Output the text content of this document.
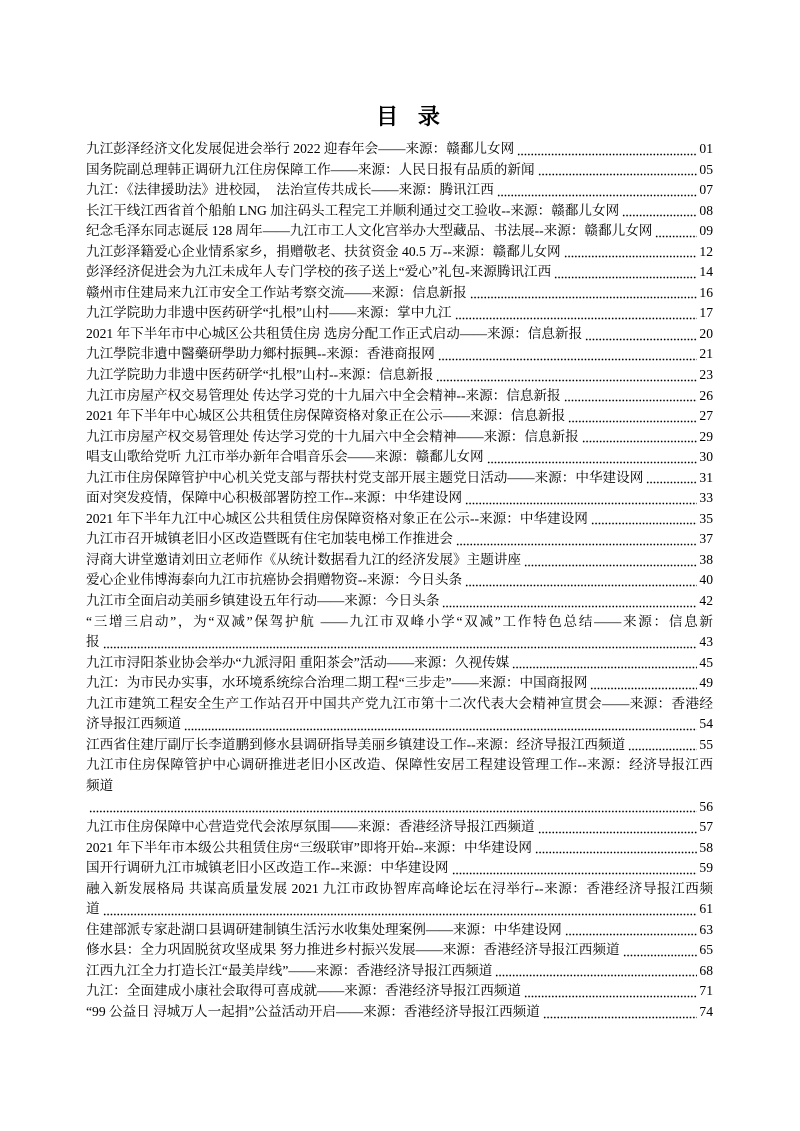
目 录
九江彭泽经济文化发展促进会举行 2022 迎春年会——来源：赣鄱儿女网	01
国务院副总理韩正调研九江住房保障工作——来源：人民日报有品质的新闻	05
九江：《法律援助法》进校园，　法治宣传共成长——来源：腾讯江西	07
长江干线江西省首个船舶 LNG 加注码头工程完工并顺利通过交工验收--来源：赣鄱儿女网	08
纪念毛泽东同志诞辰 128 周年——九江市工人文化宫举办大型藏品、书法展--来源：赣鄱儿女网	09
九江彭泽籍爱心企业情系家乡，捐赠敬老、扶贫资金 40.5 万--来源：赣鄱儿女网	12
彭泽经济促进会为九江未成年人专门学校的孩子送上“爱心”礼包-来源腾讯江西	14
赣州市住建局来九江市安全工作站考察交流——来源：信息新报	16
九江学院助力非遗中医药研学“扎根”山村——来源：掌中九江	17
2021 年下半年市中心城区公共租赁住房 选房分配工作正式启动——来源：信息新报	20
九江學院非遺中醫藥研學助力鄉村振興--来源：香港商报网	21
九江学院助力非遗中医药研学“扎根”山村--来源：信息新报	23
九江市房屋产权交易管理处 传达学习党的十九届六中全会精神--来源：信息新报	26
2021 年下半年中心城区公共租赁住房保障资格对象正在公示——来源：信息新报	27
九江市房屋产权交易管理处 传达学习党的十九届六中全会精神——来源：信息新报	29
唱支山歌给党听 九江市举办新年合唱音乐会——来源：赣鄱儿女网	30
九江市住房保障管护中心机关党支部与帮扶村党支部开展主题党日活动——来源：中华建设网	31
面对突发疫情，保障中心积极部署防控工作--来源：中华建设网	33
2021 年下半年九江中心城区公共租赁住房保障资格对象正在公示--来源：中华建设网	35
九江市召开城镇老旧小区改造暨既有住宅加装电梯工作推进会	37
浔商大讲堂邀请刘田立老师作《从统计数据看九江的经济发展》主题讲座	38
爱心企业伟博海泰向九江市抗癌协会捐赠物资--来源：今日头条	40
九江市全面启动美丽乡镇建设五年行动——来源：今日头条	42
“三增三启动”，为“双减”保驾护航 ——九江市双峰小学“双减”工作特色总结——来源：信息新
报	43
九江市浔阳茶业协会举办“九派浔阳 重阳茶会”活动——来源：久视传媒	45
九江：为市民办实事，水环境系统综合治理二期工程“三步走”——来源：中国商报网	49
九江市建筑工程安全生产工作站召开中国共产党九江市第十二次代表大会精神宣贯会——来源：香港经
济导报江西频道	54
江西省住建厅副厅长李道鹏到修水县调研指导美丽乡镇建设工作--来源：经济导报江西频道	55
九江市住房保障管护中心调研推进老旧小区改造、保障性安居工程建设管理工作--来源：经济导报江西
频道
56
九江市住房保障中心营造党代会浓厚氛围——来源：香港经济导报江西频道	57
2021 年下半年市本级公共租赁住房“三级联审”即将开始--来源：中华建设网	58
国开行调研九江市城镇老旧小区改造工作--来源：中华建设网	59
融入新发展格局 共谋高质量发展 2021 九江市政协智库高峰论坛在浔举行--来源：香港经济导报江西频
道	61
住建部派专家赴湖口县调研建制镇生活污水收集处理案例——来源：中华建设网	63
修水县：全力巩固脱贫攻坚成果 努力推进乡村振兴发展——来源：香港经济导报江西频道	65
江西九江全力打造长江“最美岸线”——来源：香港经济导报江西频道	68
九江：全面建成小康社会取得可喜成就——来源：香港经济导报江西频道	71
“99 公益日 浔城万人一起捐”公益活动开启——来源：香港经济导报江西频道	74
